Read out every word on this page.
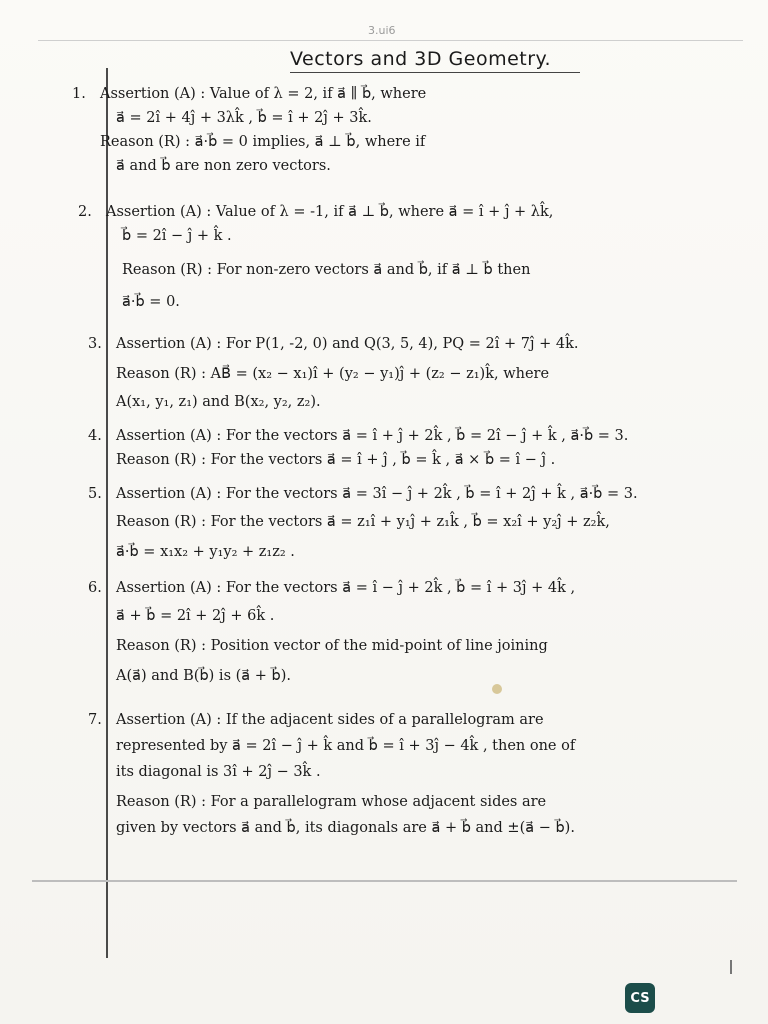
3.ui6
Vectors and 3D Geometry.
1. Assertion (A) : Value of λ = 2, if a⃗ ∥ b⃗, where
a⃗ = 2î + 4ĵ + 3λk̂ , b⃗ = î + 2ĵ + 3k̂.
Reason (R) : a⃗·b⃗ = 0 implies, a⃗ ⊥ b⃗, where if
a⃗ and b⃗ are non zero vectors.
2. Assertion (A) : Value of λ = -1, if a⃗ ⊥ b⃗, where a⃗ = î + ĵ + λk̂,
b⃗ = 2î − ĵ + k̂ .
Reason (R) : For non-zero vectors a⃗ and b⃗, if a⃗ ⊥ b⃗ then
a⃗·b⃗ = 0.
3. Assertion (A) : For P(1, -2, 0) and Q(3, 5, 4), PQ = 2î + 7ĵ + 4k̂.
Reason (R) : AB⃗ = (x₂ − x₁)î + (y₂ − y₁)ĵ + (z₂ − z₁)k̂, where
A(x₁, y₁, z₁) and B(x₂, y₂, z₂).
4. Assertion (A) : For the vectors a⃗ = î + ĵ + 2k̂ , b⃗ = 2î − ĵ + k̂ , a⃗·b⃗ = 3.
Reason (R) : For the vectors a⃗ = î + ĵ , b⃗ = k̂ , a⃗ × b⃗ = î − ĵ .
5. Assertion (A) : For the vectors a⃗ = 3î − ĵ + 2k̂ , b⃗ = î + 2ĵ + k̂ , a⃗·b⃗ = 3.
Reason (R) : For the vectors a⃗ = z₁î + y₁ĵ + z₁k̂ , b⃗ = x₂î + y₂ĵ + z₂k̂,
a⃗·b⃗ = x₁x₂ + y₁y₂ + z₁z₂ .
6. Assertion (A) : For the vectors a⃗ = î − ĵ + 2k̂ , b⃗ = î + 3ĵ + 4k̂ ,
a⃗ + b⃗ = 2î + 2ĵ + 6k̂ .
Reason (R) : Position vector of the mid-point of line joining
A(a⃗) and B(b⃗) is (a⃗ + b⃗).
7. Assertion (A) : If the adjacent sides of a parallelogram are
represented by a⃗ = 2î − ĵ + k̂ and b⃗ = î + 3ĵ − 4k̂ , then one of
its diagonal is 3î + 2ĵ − 3k̂ .
Reason (R) : For a parallelogram whose adjacent sides are
given by vectors a⃗ and b⃗, its diagonals are a⃗ + b⃗ and ±(a⃗ − b⃗).
CS
